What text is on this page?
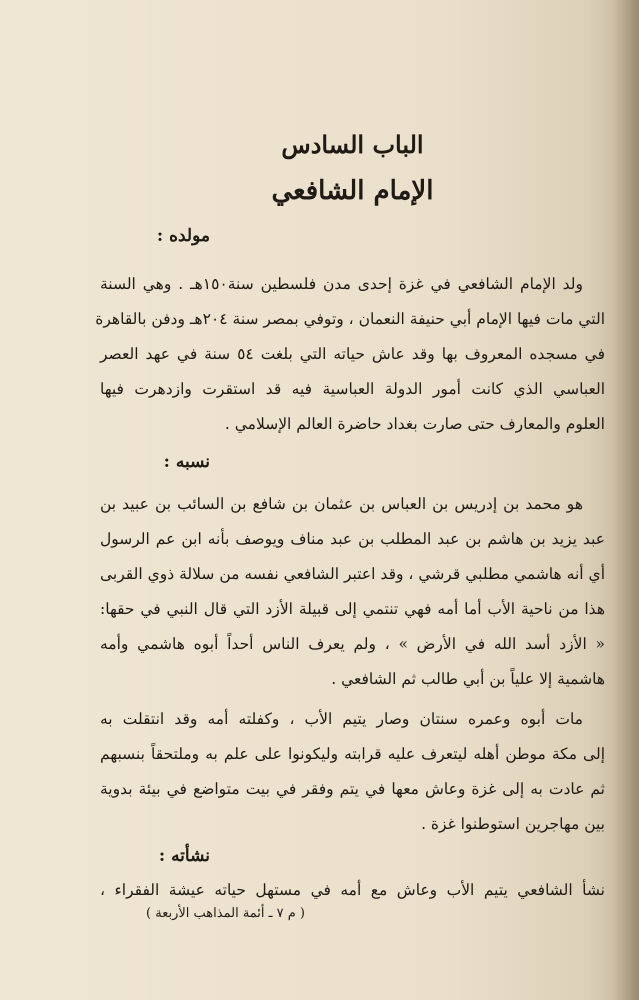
الباب السادس
الإمام الشافعي
مولده :
ولد الإمام الشافعي في غزة إحدى مدن فلسطين سنة١٥٠هـ . وهي السنة
التي مات فيها الإمام أبي حنيفة النعمان ، وتوفي بمصر سنة ٢٠٤هـ ودفن بالقاهرة
في مسجده المعروف بها وقد عاش حياته التي بلغت ٥٤ سنة في عهد العصر
العباسي الذي كانت أمور الدولة العباسية فيه قد استقرت وازدهرت فيها
العلوم والمعارف حتى صارت بغداد حاضرة العالم الإسلامي .
نسبه :
هو محمد بن إدريس بن العباس بن عثمان بن شافع بن السائب بن عبيد بن
عبد يزيد بن هاشم بن عبد المطلب بن عبد مناف ويوصف بأنه ابن عم الرسول
أي أنه هاشمي مطلبي قرشي ، وقد اعتبر الشافعي نفسه من سلالة ذوي القربى
هذا من ناحية الأب أما أمه فهي تنتمي إلى قبيلة الأزد التي قال النبي في حقها:
« الأزد أسد الله في الأرض » ، ولم يعرف الناس أحداً أبوه هاشمي وأمه
هاشمية إلا علياً بن أبي طالب ثم الشافعي .
مات أبوه وعمره سنتان وصار يتيم الأب ، وكفلته أمه وقد انتقلت به
إلى مكة موطن أهله ليتعرف عليه قرابته وليكونوا على علم به وملتحقاً بنسبهم
ثم عادت به إلى غزة وعاش معها في يتم وفقر في بيت متواضع في بيئة بدوية
بين مهاجرين استوطنوا غزة .
نشأته :
نشأ الشافعي يتيم الأب وعاش مع أمه في مستهل حياته عيشة الفقراء ،
( م ٧ ـ أئمة المذاهب الأربعة )
